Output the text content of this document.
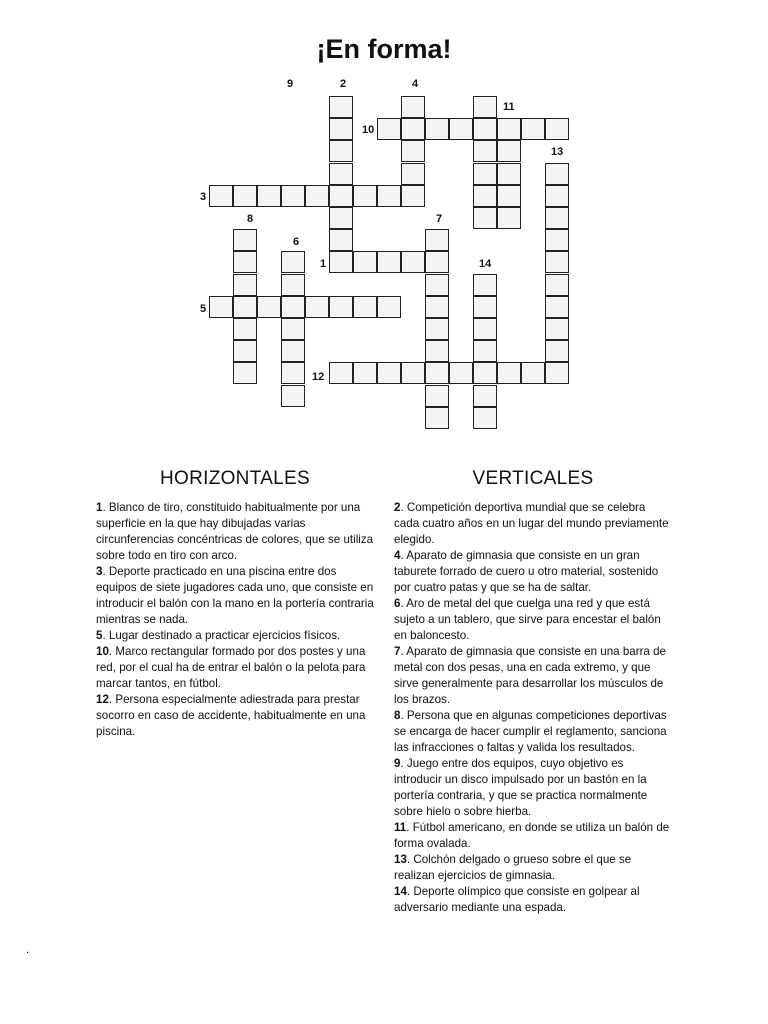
¡En forma!
9	2	4
11
10
13
3
8	7
6
1	14
5
12
HORIZONTALES

1. Blanco de tiro, constituido habitualmente por una superficie en la que hay dibujadas varias circunferencias concéntricas de colores, que se utiliza sobre todo en tiro con arco.

3. Deporte practicado en una piscina entre dos equipos de siete jugadores cada uno, que consiste en introducir el balón con la mano en la portería contraria mientras se nada.

5. Lugar destinado a practicar ejercicios físicos.

10. Marco rectangular formado por dos postes y una red, por el cual ha de entrar el balón o la pelota para marcar tantos, en fútbol.

12. Persona especialmente adiestrada para prestar socorro en caso de accidente, habitualmente en una piscina.

VERTICALES

2. Competición deportiva mundial que se celebra cada cuatro años en un lugar del mundo previamente elegido.

4. Aparato de gimnasia que consiste en un gran taburete forrado de cuero u otro material, sostenido por cuatro patas y que se ha de saltar.

6. Aro de metal del que cuelga una red y que está sujeto a un tablero, que sirve para encestar el balón en baloncesto.

7. Aparato de gimnasia que consiste en una barra de metal con dos pesas, una en cada extremo, y que sirve generalmente para desarrollar los músculos de los brazos.

8. Persona que en algunas competiciones deportivas se encarga de hacer cumplir el reglamento, sanciona las infracciones o faltas y valida los resultados.

9. Juego entre dos equipos, cuyo objetivo es introducir un disco impulsado por un bastón en la portería contraria, y que se practica normalmente sobre hielo o sobre hierba.

11. Fútbol americano, en donde se utiliza un balón de forma ovalada.

13. Colchón delgado o grueso sobre el que se realizan ejercicios de gimnasia.

14. Deporte olímpico que consiste en golpear al adversario mediante una espada.

.
